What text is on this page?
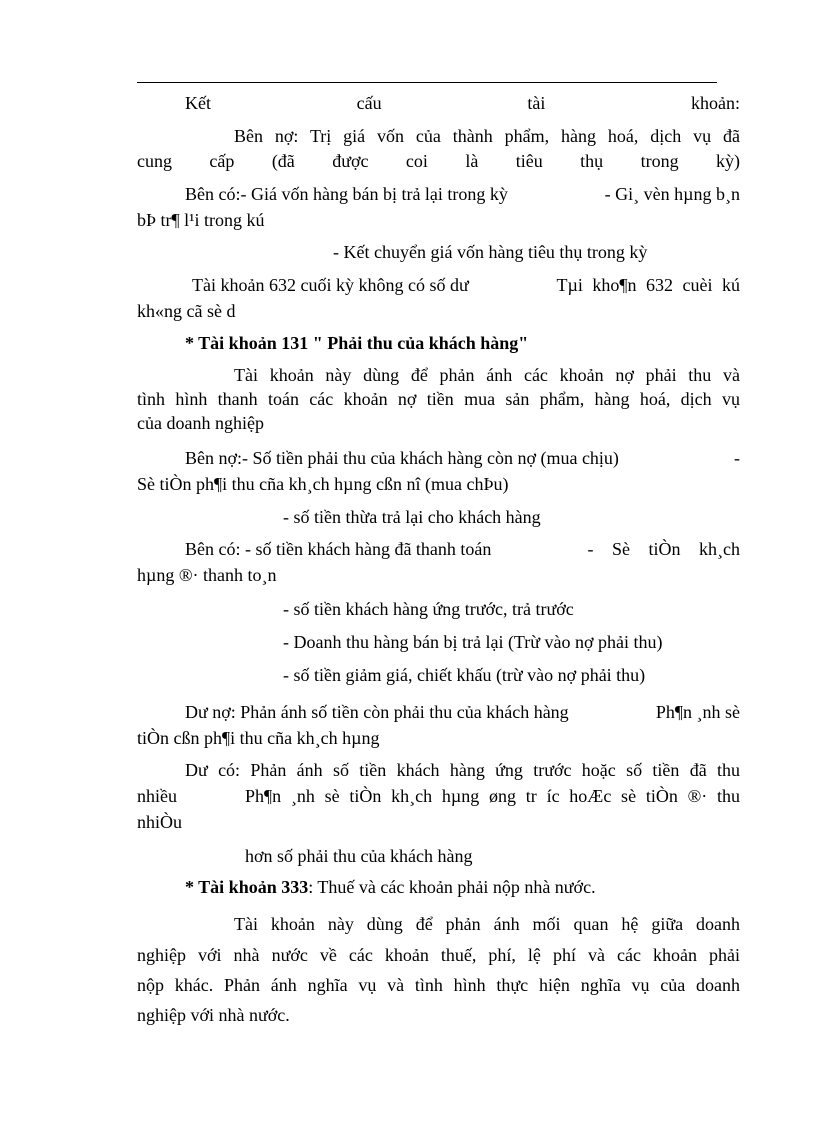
Kết cấu tài khoản:
Bên nợ: Trị giá vốn của thành phẩm, hàng hoá, dịch vụ đã
cung cấp (đã được coi là tiêu thụ trong kỳ)
Bên có:- Giá vốn hàng bán bị trả lại trong kỳ	- Gi¸ vèn hµng b¸n
bÞ tr¶ l¹i trong kú
- Kết chuyển giá vốn hàng tiêu thụ trong kỳ
Tài khoản 632 cuối kỳ không có số dư	Tµi kho¶n 632 cuèi kú
kh«ng cã sè d
* Tài khoản 131 " Phải thu của khách hàng"
Tài khoản này dùng để phản ánh các khoản nợ phải thu và
tình hình thanh toán các khoản nợ tiền mua sản phẩm, hàng hoá, dịch vụ
của doanh nghiệp
Bên nợ:- Số tiền phải thu của khách hàng còn nợ (mua chịu)	-
Sè tiÒn ph¶i thu cña kh¸ch hµng cßn nî (mua chÞu)
- số tiền thừa trả lại cho khách hàng
Bên có: - số tiền khách hàng đã thanh toán	- Sè tiÒn kh¸ch
hµng ®· thanh to¸n
- số tiền khách hàng ứng trước, trả trước
- Doanh thu hàng bán bị trả lại (Trừ vào nợ phải thu)
- số tiền giảm giá, chiết khấu (trừ vào nợ phải thu)
Dư nợ: Phản ánh số tiền còn phải thu của khách hàng	Ph¶n ¸nh sè
tiÒn cßn ph¶i thu cña kh¸ch hµng
Dư có: Phản ánh số tiền khách hàng ứng trước hoặc số tiền đã thu
nhiều	Ph¶n ¸nh sè tiÒn kh¸ch hµng øng tr íc hoÆc sè tiÒn ®· thu
nhiÒu
hơn số phải thu của khách hàng
* Tài khoản 333: Thuế và các khoản phải nộp nhà nước.
Tài khoản này dùng để phản ánh mối quan hệ giữa doanh
nghiệp với nhà nước về các khoản thuế, phí, lệ phí và các khoản phải
nộp khác. Phản ánh nghĩa vụ và tình hình thực hiện nghĩa vụ của doanh
nghiệp với nhà nước.
